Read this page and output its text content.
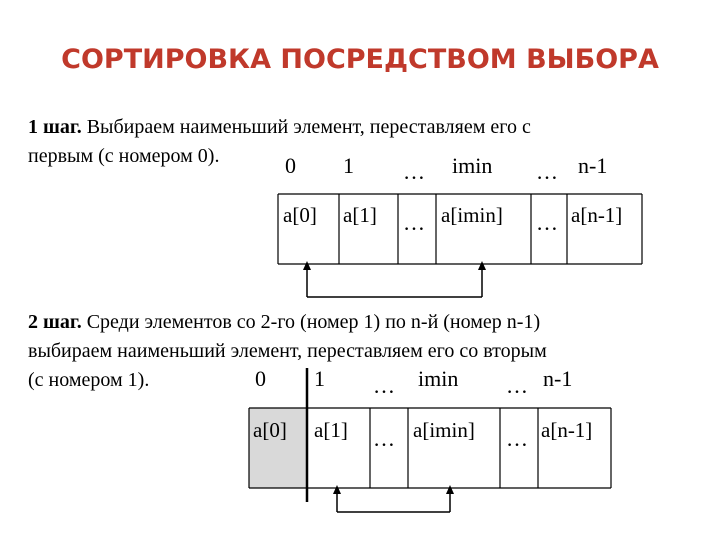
СОРТИРОВКА ПОСРЕДСТВОМ ВЫБОРА
1 шаг. Выбираем наименьший элемент, переставляем его с
первым (с номером 0).	0 1 … imin … n-1
a[0] a[1] … a[imin] … a[n-1]
2 шаг. Среди элементов со 2-го (номер 1) по n-й (номер n-1)
выбираем наименьший элемент, переставляем его со вторым
(с номером 1).	0 1 … imin … n-1
a[0] a[1] … a[imin] … a[n-1]
